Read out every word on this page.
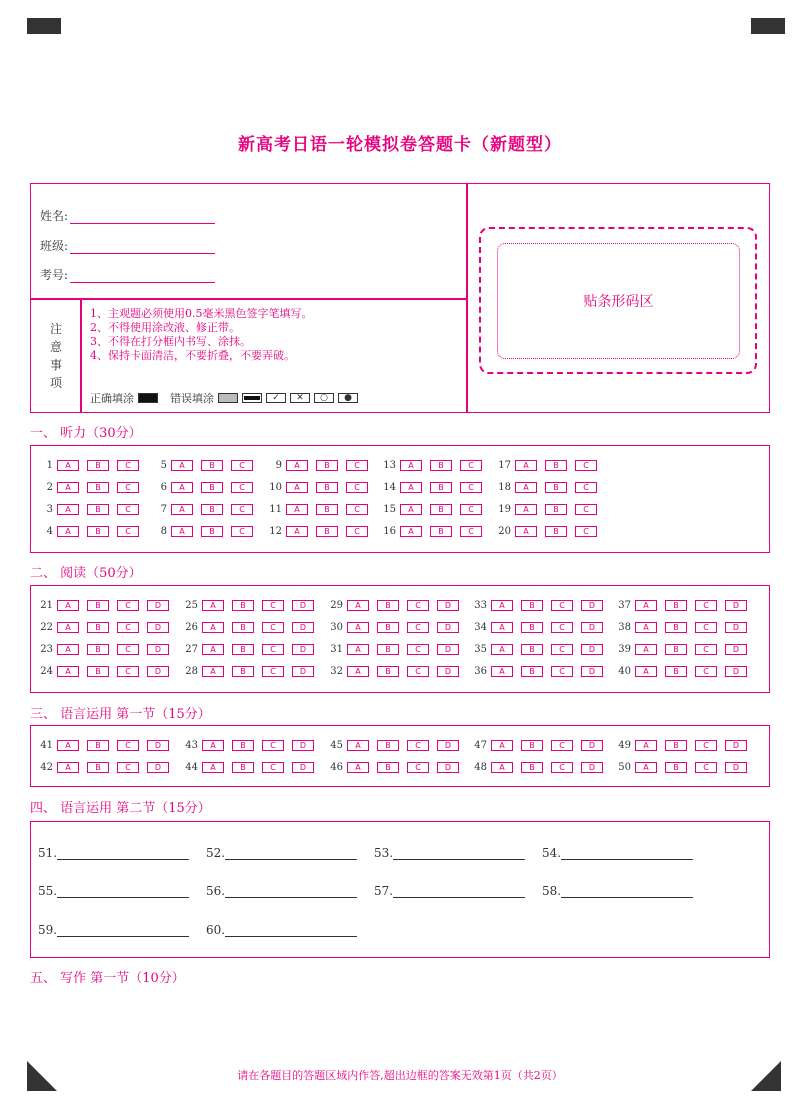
新高考日语一轮模拟卷答题卡（新题型）
姓名:
班级:
考号:
贴条形码区
注意事项
1、主观题必须使用0.5毫米黑色签字笔填写。
2、不得使用涂改液、修正带。
3、不得在打分框内书写、涂抹。
4、保持卡面清洁，不要折叠，不要弄破。
正确填涂	错误填涂	✓	✕	○	●
一、 听力（30分）
1	A	B	C
2	A	B	C
3	A	B	C
4	A	B	C
5	A	B	C
6	A	B	C
7	A	B	C
8	A	B	C
9	A	B	C
10	A	B	C
11	A	B	C
12	A	B	C
13	A	B	C
14	A	B	C
15	A	B	C
16	A	B	C
17	A	B	C
18	A	B	C
19	A	B	C
20	A	B	C
二、 阅读（50分）
21	A	B	C	D
22	A	B	C	D
23	A	B	C	D
24	A	B	C	D
25	A	B	C	D
26	A	B	C	D
27	A	B	C	D
28	A	B	C	D
29	A	B	C	D
30	A	B	C	D
31	A	B	C	D
32	A	B	C	D
33	A	B	C	D
34	A	B	C	D
35	A	B	C	D
36	A	B	C	D
37	A	B	C	D
38	A	B	C	D
39	A	B	C	D
40	A	B	C	D
三、 语言运用 第一节（15分）
41	A	B	C	D
42	A	B	C	D
43	A	B	C	D
44	A	B	C	D
45	A	B	C	D
46	A	B	C	D
47	A	B	C	D
48	A	B	C	D
49	A	B	C	D
50	A	B	C	D
四、 语言运用 第二节（15分）
51.	52.	53.	54.
55.	56.	57.	58.
59.	60.
五、 写作 第一节（10分）
请在各题目的答题区域内作答,超出边框的答案无效第1页（共2页）
